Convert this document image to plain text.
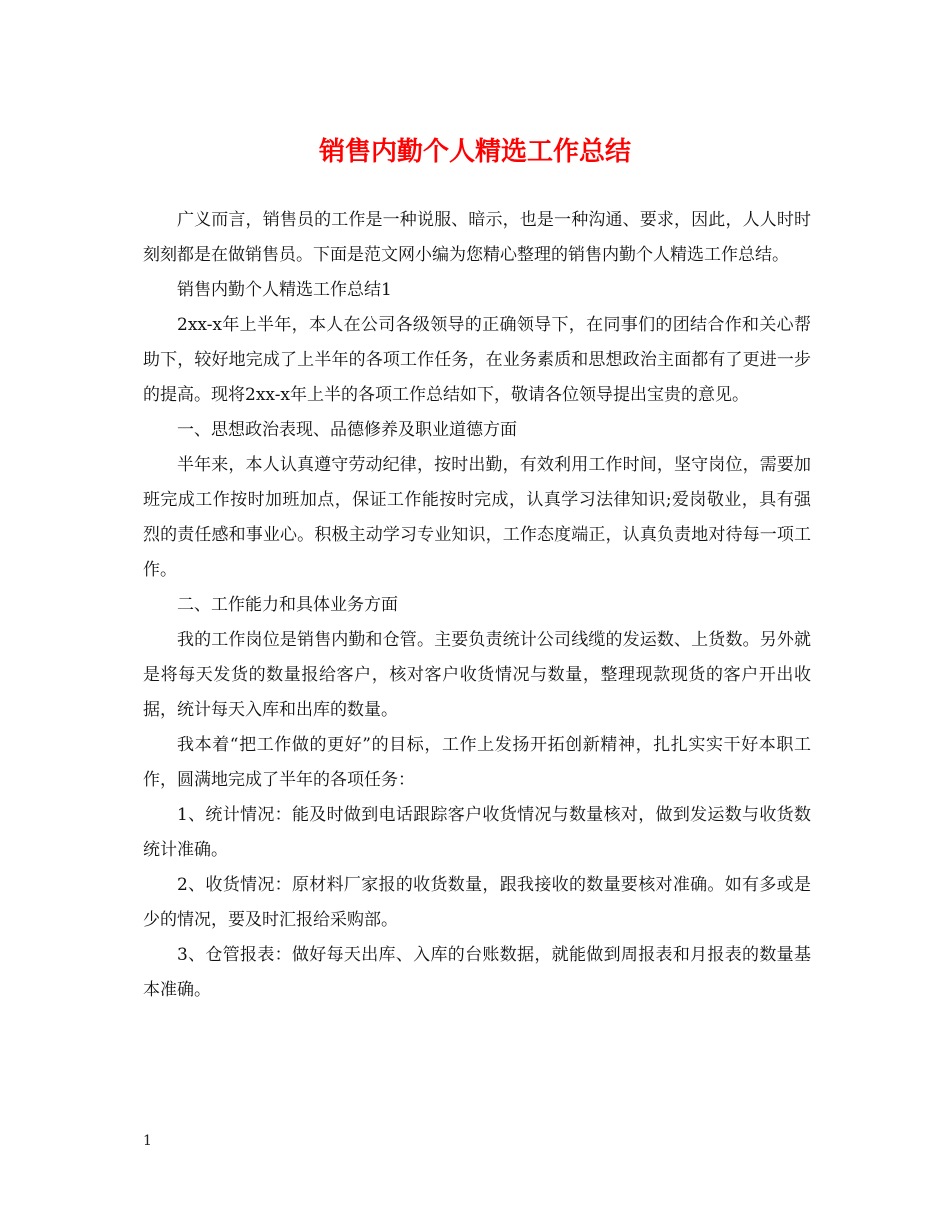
销售内勤个人精选工作总结

广义而言，销售员的工作是一种说服、暗示，也是一种沟通、要求，因此，人人时时刻刻都是在做销售员。下面是范文网小编为您精心整理的销售内勤个人精选工作总结。

销售内勤个人精选工作总结1

2xx-x年上半年，本人在公司各级领导的正确领导下，在同事们的团结合作和关心帮助下，较好地完成了上半年的各项工作任务，在业务素质和思想政治主面都有了更进一步的提高。现将2xx-x年上半的各项工作总结如下，敬请各位领导提出宝贵的意见。

一、思想政治表现、品德修养及职业道德方面

半年来，本人认真遵守劳动纪律，按时出勤，有效利用工作时间，坚守岗位，需要加班完成工作按时加班加点，保证工作能按时完成，认真学习法律知识;爱岗敬业，具有强烈的责任感和事业心。积极主动学习专业知识，工作态度端正，认真负责地对待每一项工作。

二、工作能力和具体业务方面

我的工作岗位是销售内勤和仓管。主要负责统计公司线缆的发运数、上货数。另外就是将每天发货的数量报给客户，核对客户收货情况与数量，整理现款现货的客户开出收据，统计每天入库和出库的数量。

我本着“把工作做的更好”的目标，工作上发扬开拓创新精神，扎扎实实干好本职工作，圆满地完成了半年的各项任务：

1、统计情况：能及时做到电话跟踪客户收货情况与数量核对，做到发运数与收货数统计准确。

2、收货情况：原材料厂家报的收货数量，跟我接收的数量要核对准确。如有多或是少的情况，要及时汇报给采购部。

3、仓管报表：做好每天出库、入库的台账数据，就能做到周报表和月报表的数量基本准确。

1
